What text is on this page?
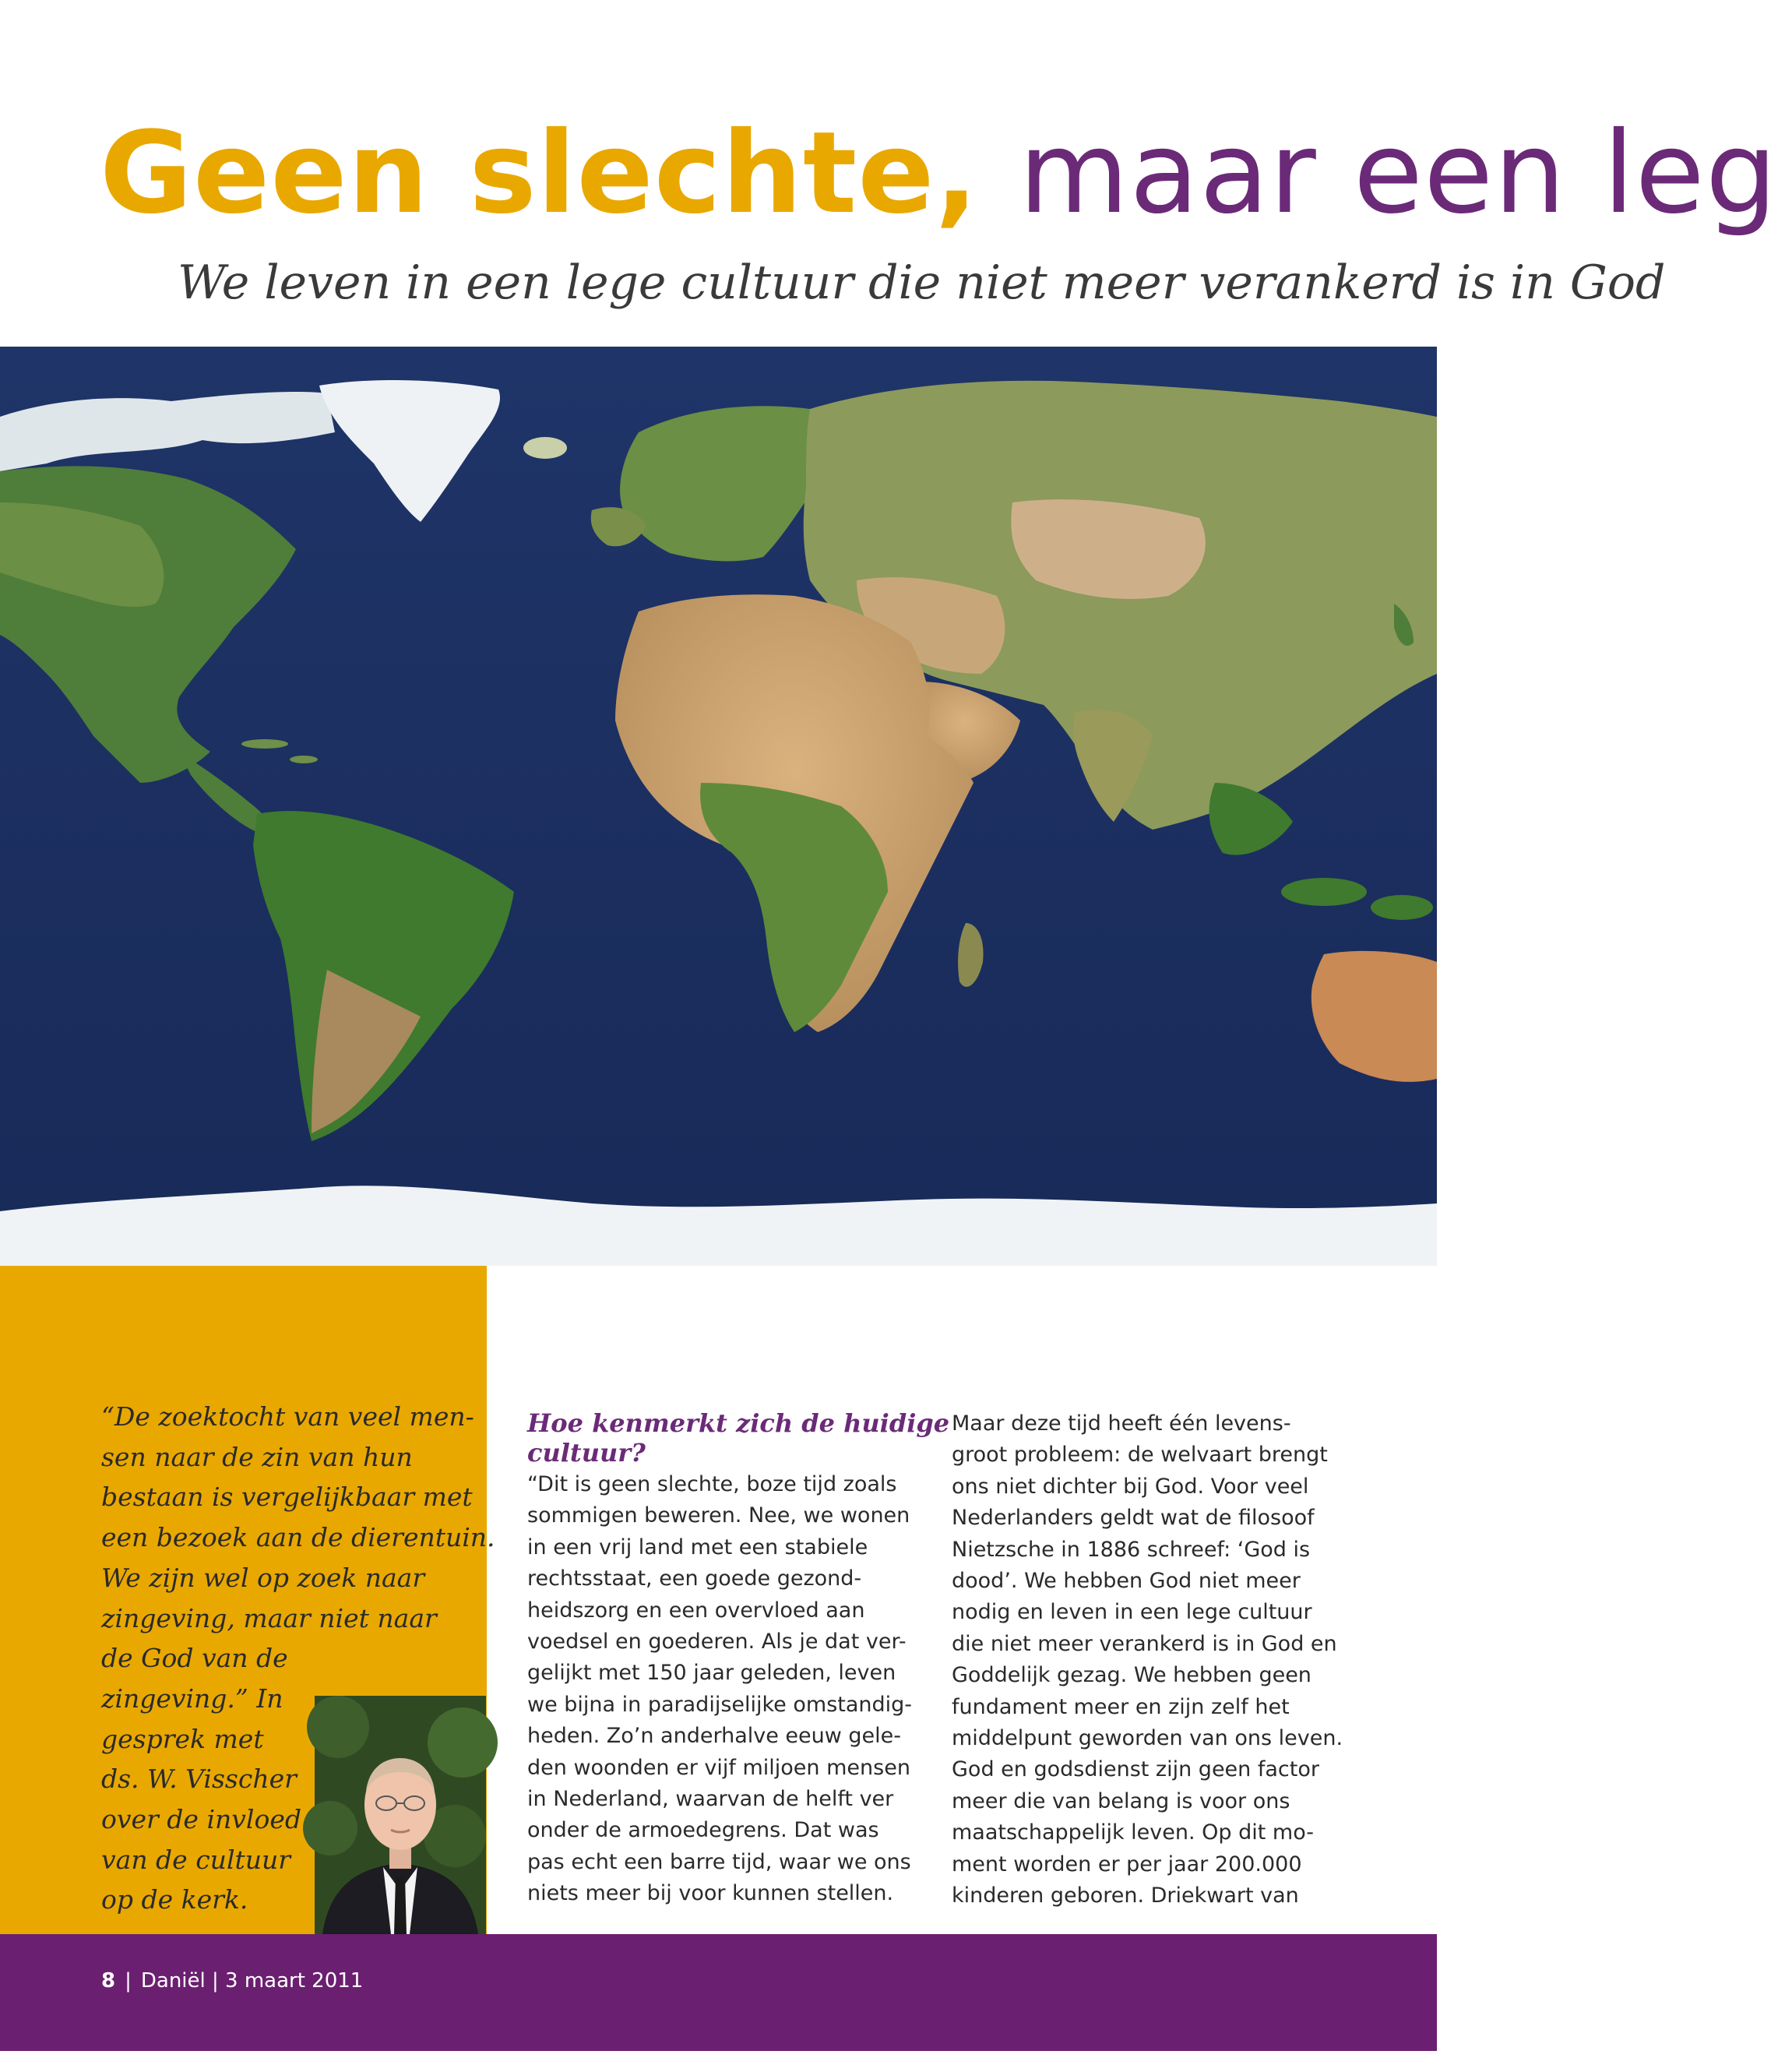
Geen slechte, maar een leg

We leven in een lege cultuur die niet meer verankerd is in God

“De zoektocht van veel men-
sen naar de zin van hun
bestaan is vergelijkbaar met
een bezoek aan de dierentuin.
We zijn wel op zoek naar
zingeving, maar niet naar
de God van de
zingeving.” In
gesprek met
ds. W. Visscher
over de invloed
van de cultuur
op de kerk.

Hoe kenmerkt zich de huidige
cultuur?
“Dit is geen slechte, boze tijd zoals
sommigen beweren. Nee, we wonen
in een vrij land met een stabiele
rechtsstaat, een goede gezond-
heidszorg en een overvloed aan
voedsel en goederen. Als je dat ver-
gelijkt met 150 jaar geleden, leven
we bijna in paradijselijke omstandig-
heden. Zo’n anderhalve eeuw gele-
den woonden er vijf miljoen mensen
in Nederland, waarvan de helft ver
onder de armoedegrens. Dat was
pas echt een barre tijd, waar we ons
niets meer bij voor kunnen stellen.
Maar deze tijd heeft één levens-
groot probleem: de welvaart brengt
ons niet dichter bij God. Voor veel
Nederlanders geldt wat de filosoof
Nietzsche in 1886 schreef: ‘God is
dood’. We hebben God niet meer
nodig en leven in een lege cultuur
die niet meer verankerd is in God en
Goddelijk gezag. We hebben geen
fundament meer en zijn zelf het
middelpunt geworden van ons leven.
God en godsdienst zijn geen factor
meer die van belang is voor ons
maatschappelijk leven. Op dit mo-
ment worden er per jaar 200.000
kinderen geboren. Driekwart van
8 | Daniël | 3 maart 2011
